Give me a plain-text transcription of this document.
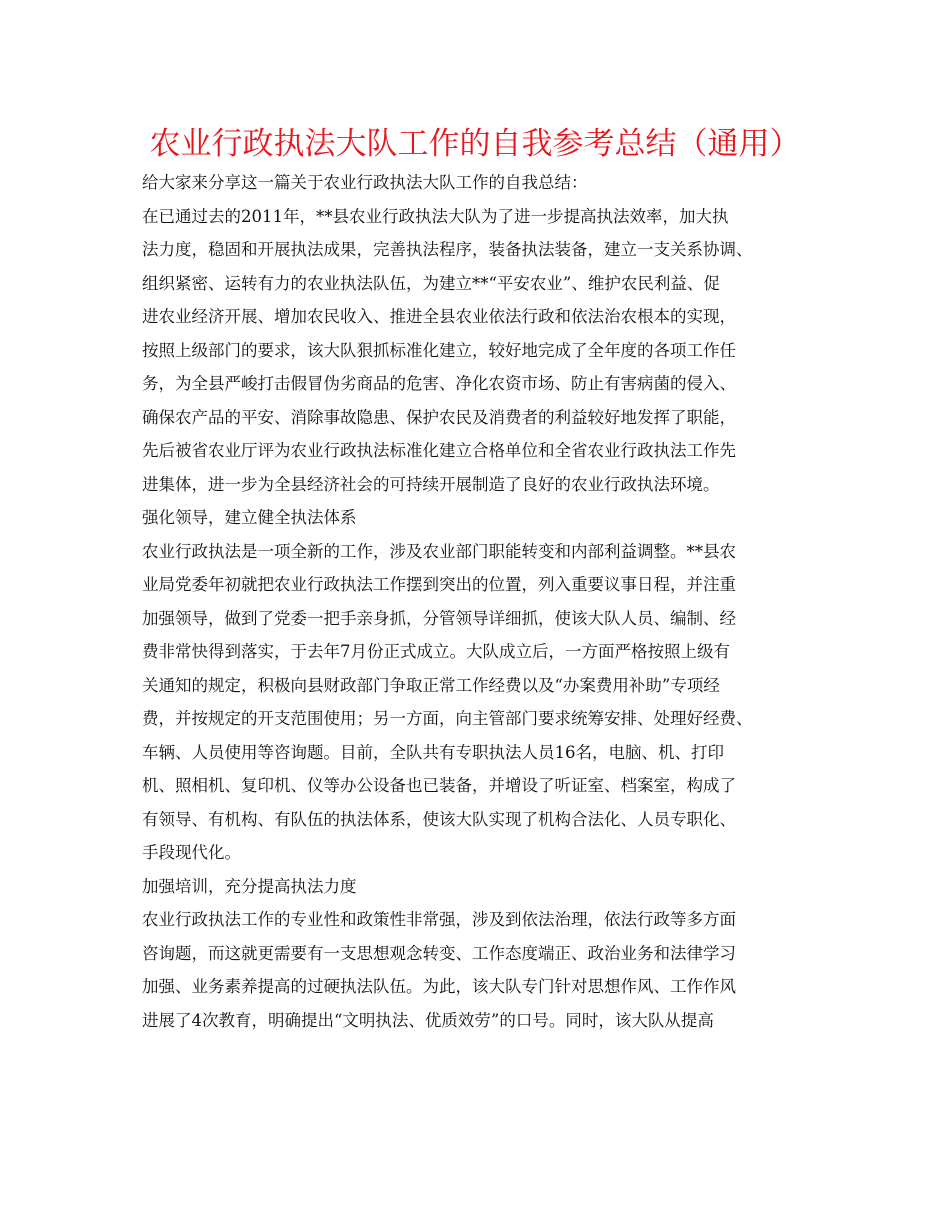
农业行政执法大队工作的自我参考总结（通用）
给大家来分享这一篇关于农业行政执法大队工作的自我总结：
在已通过去的2011年，**县农业行政执法大队为了进一步提高执法效率，加大执
法力度，稳固和开展执法成果，完善执法程序，装备执法装备，建立一支关系协调、
组织紧密、运转有力的农业执法队伍，为建立**“平安农业”、维护农民利益、促
进农业经济开展、增加农民收入、推进全县农业依法行政和依法治农根本的实现，
按照上级部门的要求，该大队狠抓标准化建立，较好地完成了全年度的各项工作任
务，为全县严峻打击假冒伪劣商品的危害、净化农资市场、防止有害病菌的侵入、
确保农产品的平安、消除事故隐患、保护农民及消费者的利益较好地发挥了职能，
先后被省农业厅评为农业行政执法标准化建立合格单位和全省农业行政执法工作先
进集体，进一步为全县经济社会的可持续开展制造了良好的农业行政执法环境。
强化领导，建立健全执法体系
农业行政执法是一项全新的工作，涉及农业部门职能转变和内部利益调整。**县农
业局党委年初就把农业行政执法工作摆到突出的位置，列入重要议事日程，并注重
加强领导，做到了党委一把手亲身抓，分管领导详细抓，使该大队人员、编制、经
费非常快得到落实，于去年7月份正式成立。大队成立后，一方面严格按照上级有
关通知的规定，积极向县财政部门争取正常工作经费以及“办案费用补助”专项经
费，并按规定的开支范围使用；另一方面，向主管部门要求统筹安排、处理好经费、
车辆、人员使用等咨询题。目前，全队共有专职执法人员16名，电脑、机、打印
机、照相机、复印机、仪等办公设备也已装备，并增设了听证室、档案室，构成了
有领导、有机构、有队伍的执法体系，使该大队实现了机构合法化、人员专职化、
手段现代化。
加强培训，充分提高执法力度
农业行政执法工作的专业性和政策性非常强，涉及到依法治理，依法行政等多方面
咨询题，而这就更需要有一支思想观念转变、工作态度端正、政治业务和法律学习
加强、业务素养提高的过硬执法队伍。为此，该大队专门针对思想作风、工作作风
进展了4次教育，明确提出“文明执法、优质效劳”的口号。同时，该大队从提高
